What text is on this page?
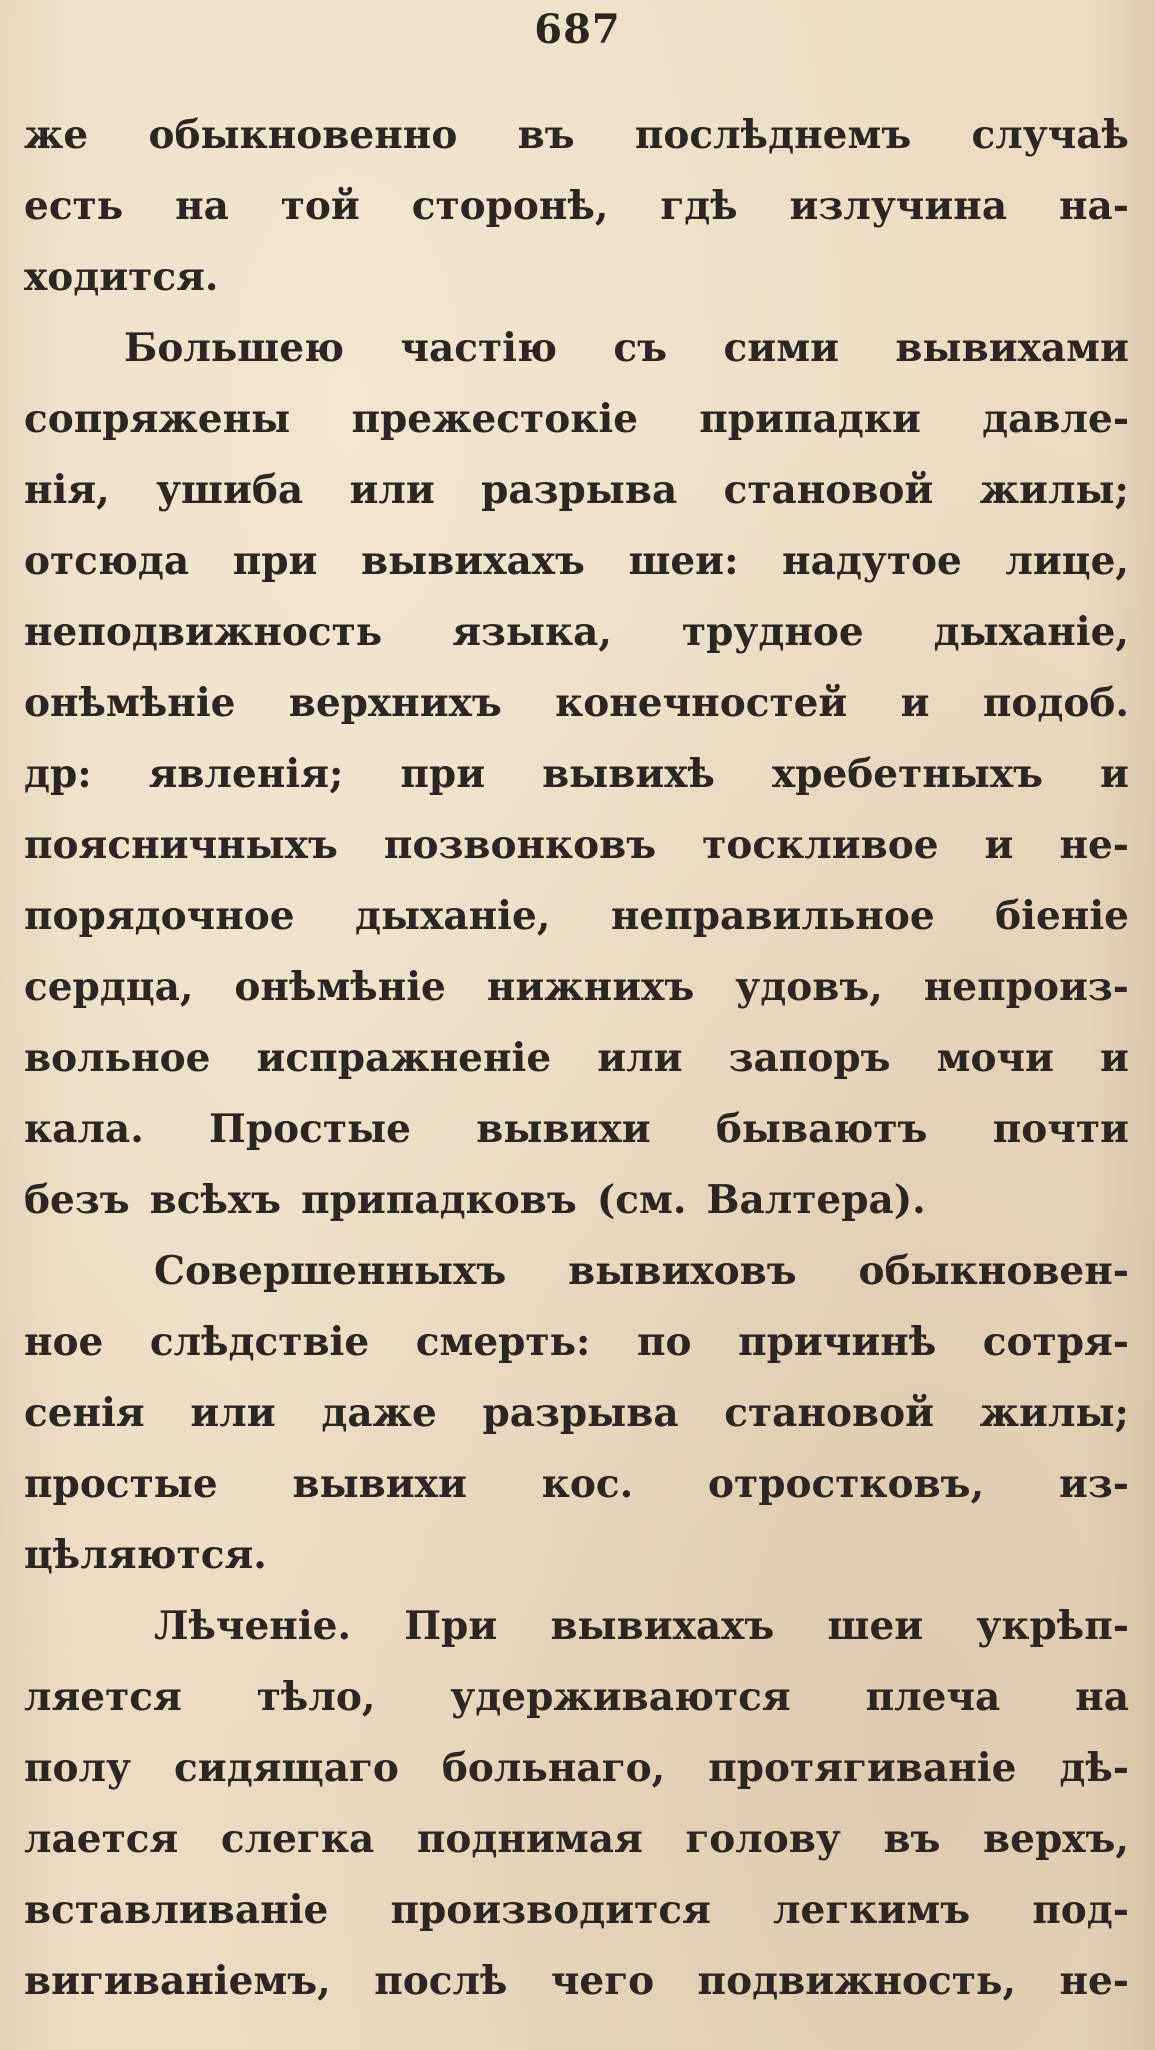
687
же обыкновенно въ послѣднемъ случаѣ
есть на той сторонѣ, гдѣ излучина на-
ходится.
Большею частію съ сими вывихами
сопряжены прежестокіе припадки давле-
нія, ушиба или разрыва становой жилы;
отсюда при вывихахъ шеи: надутое лице,
неподвижность языка, трудное дыханіе,
онѣмѣніе верхнихъ конечностей и подоб.
др: явленія; при вывихѣ хребетныхъ и
поясничныхъ позвонковъ тоскливое и не-
порядочное дыханіе, неправильное біеніе
сердца, онѣмѣніе нижнихъ удовъ, непроиз-
вольное испражненіе или запоръ мочи и
кала. Простые вывихи бываютъ почти
безъ всѣхъ припадковъ (см. Валтера).
Совершенныхъ вывиховъ обыкновен-
ное слѣдствіе смерть: по причинѣ сотря-
сенія или даже разрыва становой жилы;
простые вывихи кос. отростковъ, из-
цѣляются.
Лѣченіе. При вывихахъ шеи укрѣп-
ляется тѣло, удерживаются плеча на
полу сидящаго больнаго, протягиваніе дѣ-
лается слегка поднимая голову въ верхъ,
вставливаніе производится легкимъ под-
вигиваніемъ, послѣ чего подвижность, не-
